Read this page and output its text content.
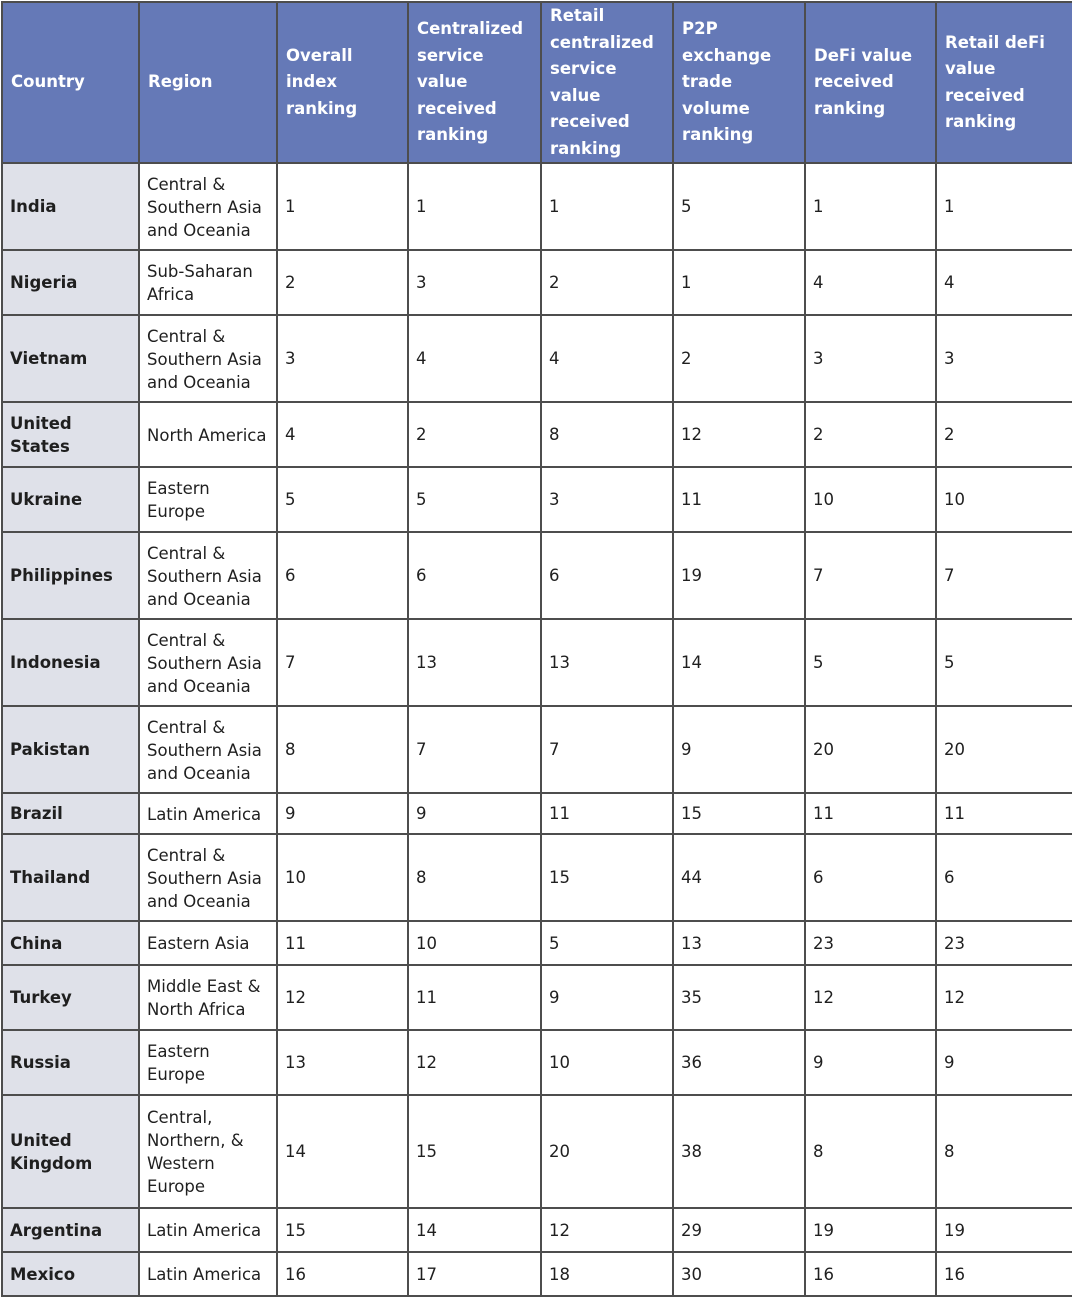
Country	Region	Overall index ranking	Centralized service value received ranking	Retail centralized service value received ranking	P2P exchange trade volume ranking	DeFi value received ranking	Retail deFi value received ranking
India	Central & Southern Asia and Oceania	1	1	1	5	1	1
Nigeria	Sub-Saharan Africa	2	3	2	1	4	4
Vietnam	Central & Southern Asia and Oceania	3	4	4	2	3	3
United States	North America	4	2	8	12	2	2
Ukraine	Eastern Europe	5	5	3	11	10	10
Philippines	Central & Southern Asia and Oceania	6	6	6	19	7	7
Indonesia	Central & Southern Asia and Oceania	7	13	13	14	5	5
Pakistan	Central & Southern Asia and Oceania	8	7	7	9	20	20
Brazil	Latin America	9	9	11	15	11	11
Thailand	Central & Southern Asia and Oceania	10	8	15	44	6	6
China	Eastern Asia	11	10	5	13	23	23
Turkey	Middle East & North Africa	12	11	9	35	12	12
Russia	Eastern Europe	13	12	10	36	9	9
United Kingdom	Central, Northern, & Western Europe	14	15	20	38	8	8
Argentina	Latin America	15	14	12	29	19	19
Mexico	Latin America	16	17	18	30	16	16
